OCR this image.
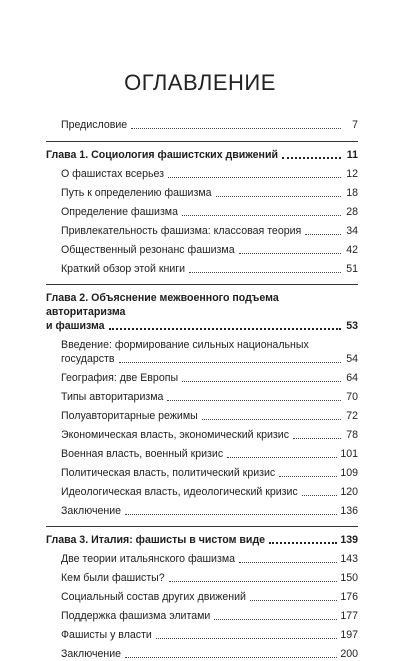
ОГЛАВЛЕНИЕ
Предисловие	7
Глава 1. Социология фашистских движений	11
О фашистах всерьез	12
Путь к определению фашизма	18
Определение фашизма	28
Привлекательность фашизма: классовая теория	34
Общественный резонанс фашизма	42
Краткий обзор этой книги	51
Глава 2. Объяснение межвоенного подъема авторитаризма
и фашизма	53
Введение: формирование сильных национальных
государств	54
География: две Европы	64
Типы авторитаризма	70
Полуавторитарные режимы	72
Экономическая власть, экономический кризис	78
Военная власть, военный кризис	101
Политическая власть, политический кризис	109
Идеологическая власть, идеологический кризис	120
Заключение	136
Глава 3. Италия: фашисты в чистом виде	139
Две теории итальянского фашизма	143
Кем были фашисты?	150
Социальный состав других движений	176
Поддержка фашизма элитами	177
Фашисты у власти	197
Заключение	200
